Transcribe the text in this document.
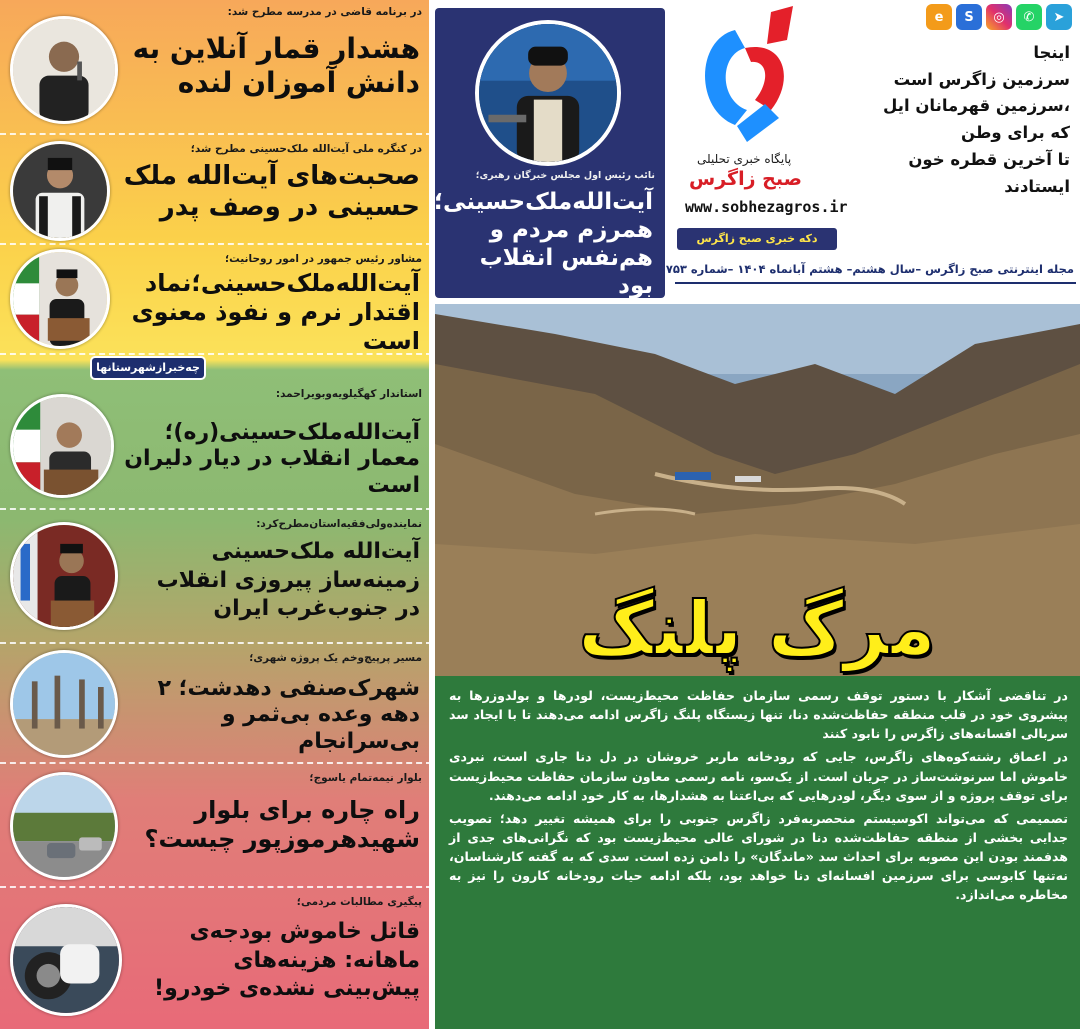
در برنامه قاضی در مدرسه مطرح شد:
هشدار قمار آنلاین به دانش آموزان لنده
در کنگره ملی آیت‌الله ملک‌حسینی مطرح شد؛
صحبت‌های آیت‌الله ملک حسینی در وصف پدر
مشاور رئیس جمهور در امور روحانیت؛
آیت‌الله‌ملک‌حسینی؛نماد اقتدار نرم و نفوذ معنوی است
چه‌خبراز‌شهرستانها
استاندار کهگیلویه‌وبویراحمد:
آیت‌الله‌ملک‌حسینی(ره)؛معمار انقلاب در دیار دلیران است
نماینده‌ولی‌فقیه‌استان‌مطرح‌کرد:
آیت‌الله ملک‌حسینی زمینه‌ساز پیروزی انقلاب در جنوب‌غرب ایران
مسیر پرپیچ‌وخم یک پروژه شهری؛
شهرک‌صنفی دهدشت؛ ۲ دهه وعده بی‌ثمر و بی‌سرانجام
بلوار نیمه‌تمام یاسوج؛
راه چاره برای بلوار شهیدهرموزپور چیست؟
پیگیری مطالبات مردمی؛
قاتل خاموش بودجه‌ی ماهانه: هزینه‌های پیش‌بینی نشده‌ی خودرو!
نائب رئیس اول مجلس خبرگان رهبری؛
آیت‌الله‌ملک‌حسینی؛ همرزم مردم و هم‌نفس انقلاب بود
پایگاه خبری تحلیلی
صبح زاگرس
www.sobhezagros.ir
e	S	◎	✆	➤
اینجا
سرزمین زاگرس است
،سرزمین قهرمانان ایل
که برای وطن
تا آخرین قطره خون
ایستادند
دکه خبری صبح زاگرس
مجله اینترنتی صبح زاگرس –سال هشتم– هشتم آبانماه ۱۴۰۴ –شماره ۷۵۳
مرگ پلنگ

در تناقضی آشکار با دستور توقف رسمی سازمان حفاظت محیط‌زیست، لودرها و بولدوزرها به پیشروی خود در قلب منطقه حفاظت‌شده دنا، تنها زیستگاه پلنگ زاگرس ادامه می‌دهند تا با ایجاد سد سربالی افسانه‌های زاگرس را نابود کنند

در اعماق رشته‌کوه‌های زاگرس، جایی که رودخانه ماربر خروشان در دل دنا جاری است، نبردی خاموش اما سرنوشت‌ساز در جریان است. از یک‌سو، نامه رسمی معاون سازمان حفاظت محیط‌زیست برای توقف پروژه و از سوی دیگر، لودرهایی که بی‌اعتنا به هشدارها، به کار خود ادامه می‌دهند.

تصمیمی که می‌تواند اکوسیستم منحصربه‌فرد زاگرس جنوبی را برای همیشه تغییر دهد؛ تصویب جدایی بخشی از منطقه حفاظت‌شده دنا در شورای عالی محیط‌زیست بود که نگرانی‌های جدی از هدفمند بودن این مصوبه برای احداث سد «ماندگان» را دامن زده است. سدی که به گفته کارشناسان، نه‌تنها کابوسی برای سرزمین افسانه‌ای دنا خواهد بود، بلکه ادامه حیات رودخانه کارون را نیز به مخاطره می‌اندازد.
